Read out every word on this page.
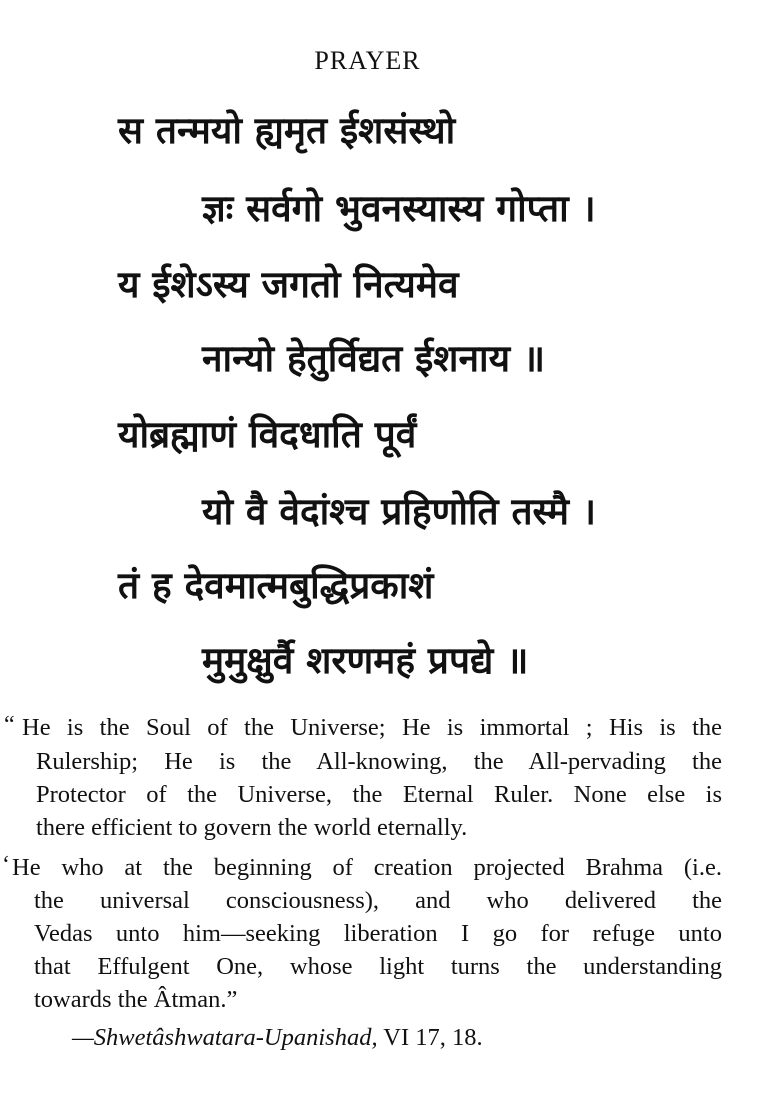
PRAYER
स तन्मयो ह्यमृत ईशसंस्थो
ज्ञः सर्वगो भुवनस्यास्य गोप्ता ।
य ईशेऽस्य जगतो नित्यमेव
नान्यो हेतुर्विद्यत ईशनाय ॥
योब्रह्माणं विदधाति पूर्वं
यो वै वेदांश्च प्रहिणोति तस्मै ।
तं ह देवमात्मबुद्धिप्रकाशं
मुमुक्षुर्वै शरणमहं प्रपद्ये ॥
“ He is the Soul of the Universe; He is immortal ; His is the
Rulership; He is the All-knowing, the All-pervading the
Protector of the Universe, the Eternal Ruler. None else is
there efficient to govern the world eternally.
‘ He who at the beginning of creation projected Brahma (i.e.
the universal consciousness), and who delivered the
Vedas unto him—seeking liberation I go for refuge unto
that Effulgent One, whose light turns the understanding
towards the Âtman.”
—Shwetâshwatara-Upanishad, VI 17, 18.
